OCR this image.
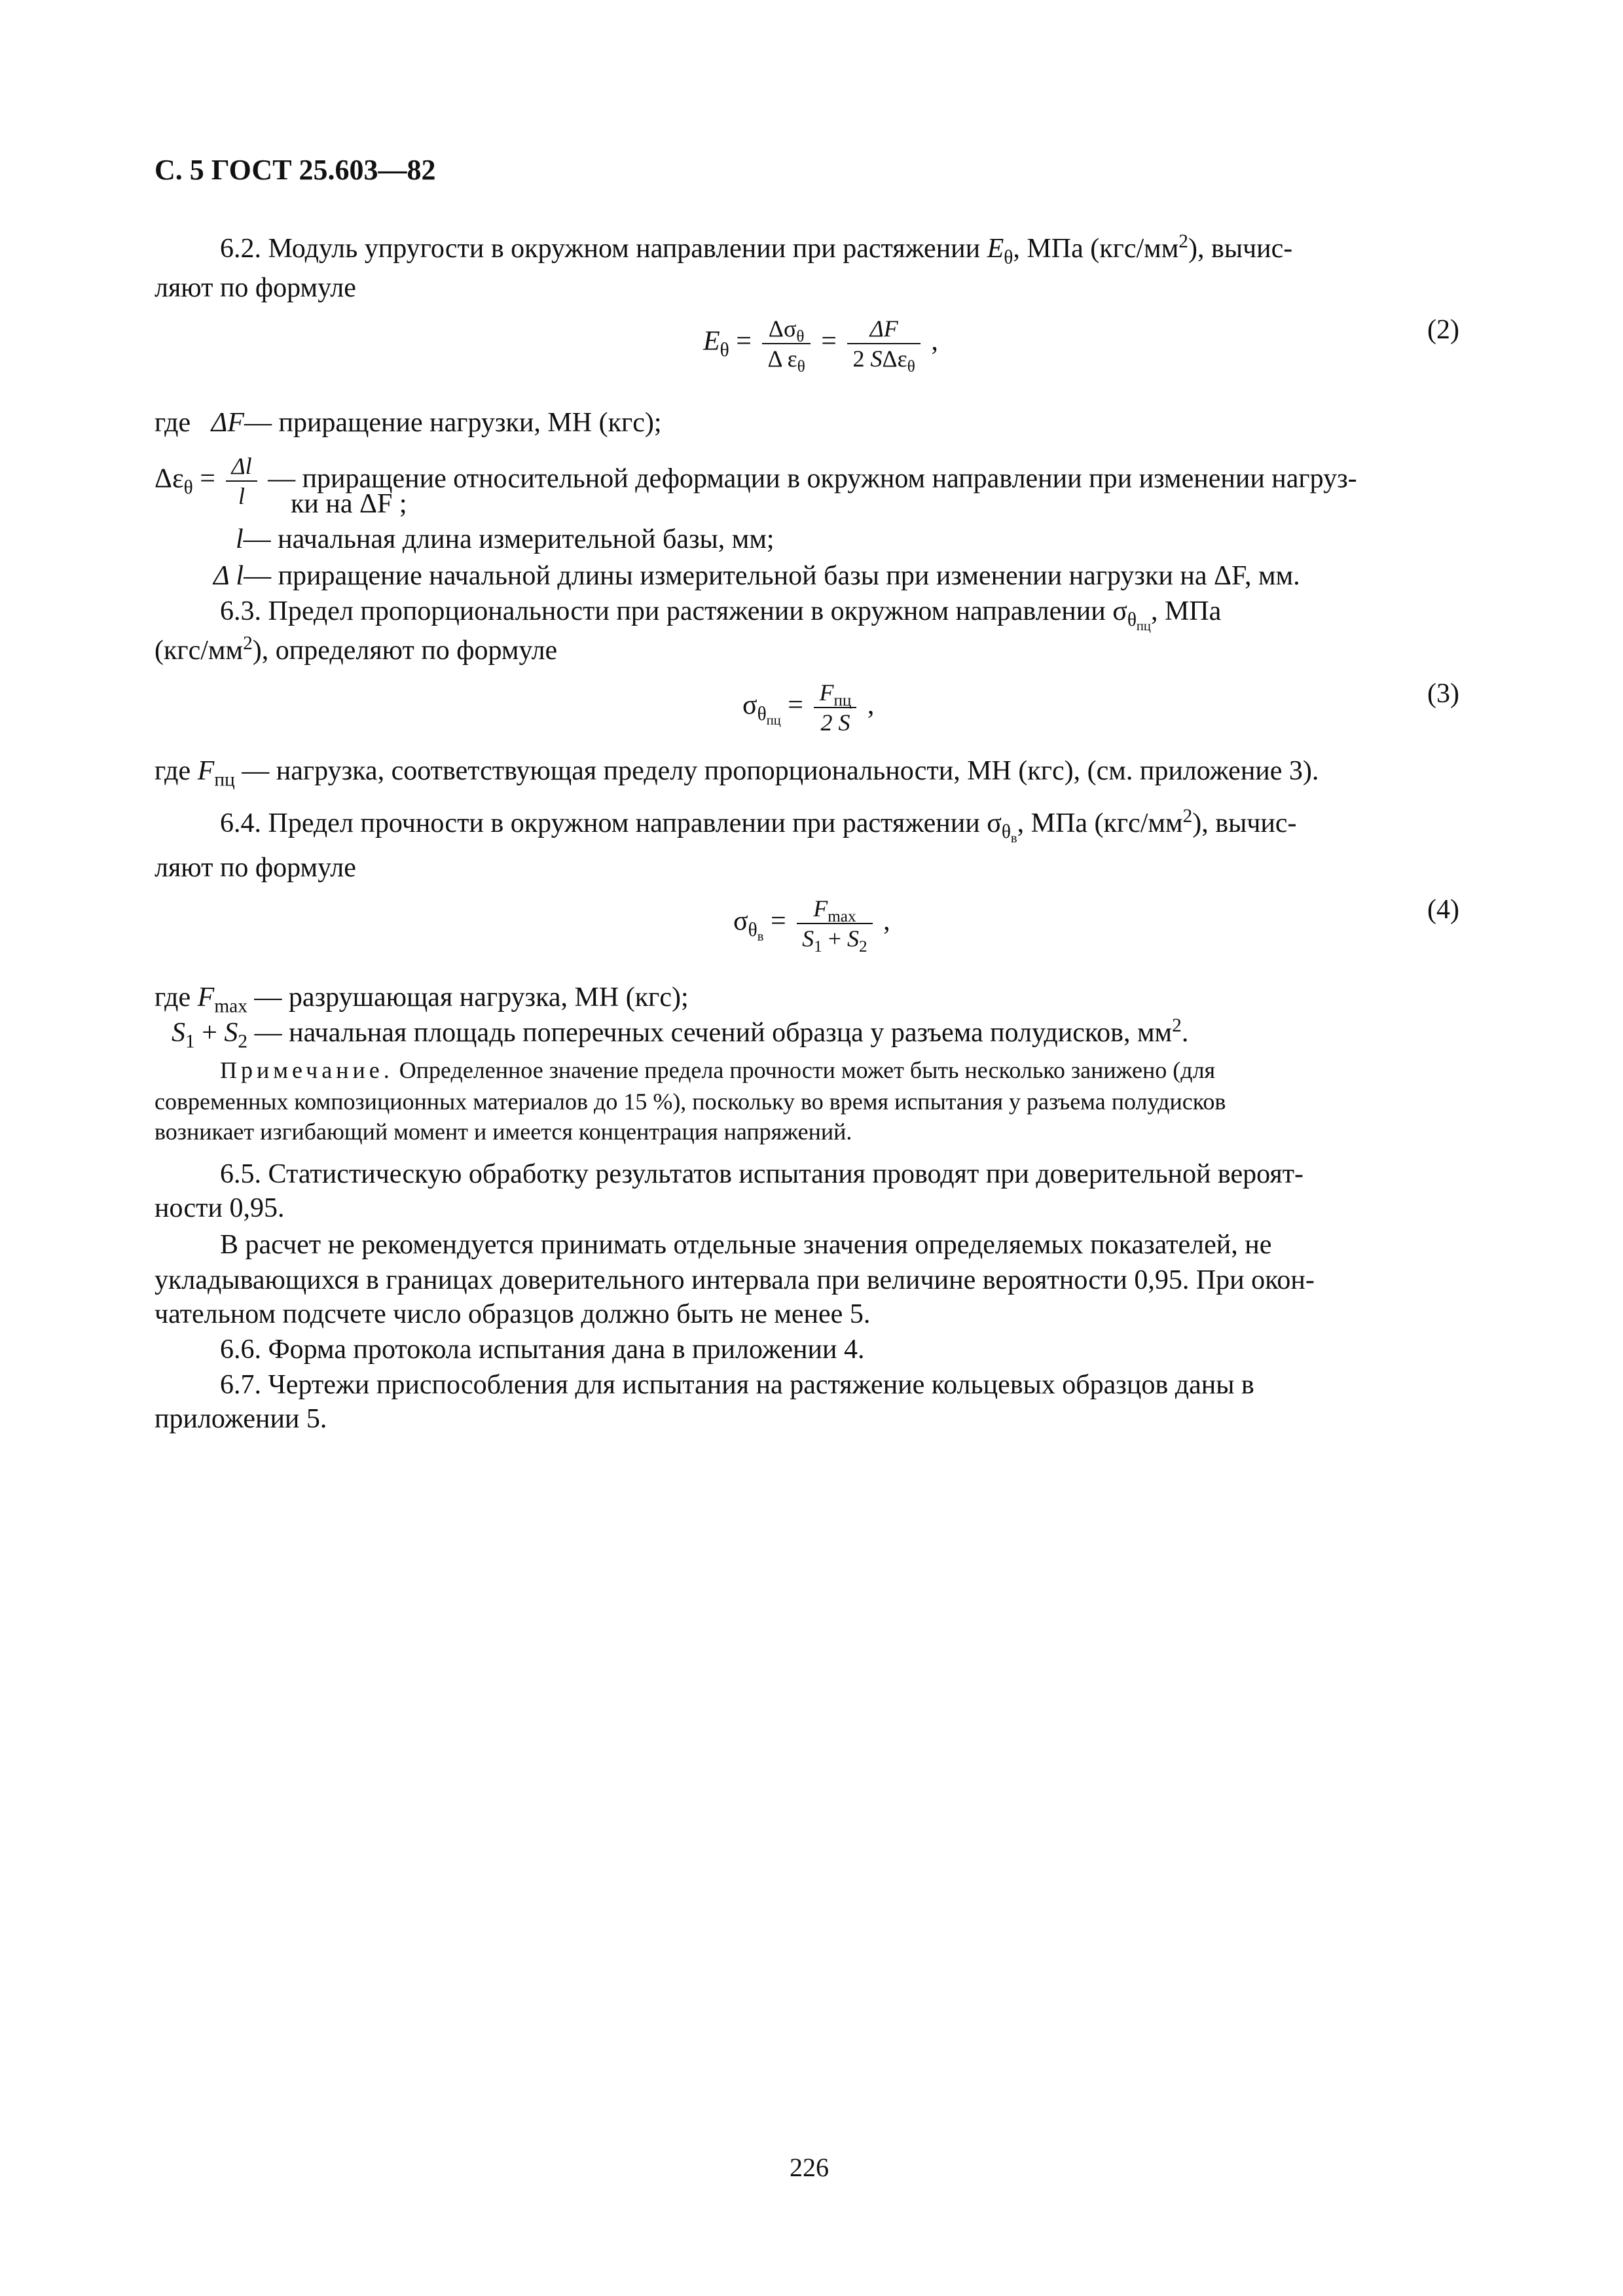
С. 5 ГОСТ 25.603—82
6.2. Модуль упругости в окружном направлении при растяжении $E_\theta$, МПа $(кгс/мм^2)$, вычис-
ляют по формуле
$E_\theta = \frac{\Delta\sigma_\theta}{\Delta \varepsilon_\theta} = \frac{\Delta F}{2 S\Delta\varepsilon_\theta}$ ,	(2)
где ΔF— приращение нагрузки, МН (кгс);
$\Delta\varepsilon_\theta = \frac{\Delta l}{l}$ — приращение относительной деформации в окружном направлении при изменении нагруз-
ки на ΔF ;
l— начальная длина измерительной базы, мм;
Δ l— приращение начальной длины измерительной базы при изменении нагрузки на ΔF, мм.
6.3. Предел пропорциональности при растяжении в окружном направлении $\sigma_{\theta_{пц}}$, МПа
$(кгс/мм^2)$, определяют по формуле
$\sigma_{\theta_{пц}} = \frac{F_{пц}}{2 S}$ ,	(3)
где $F_{пц}$ — нагрузка, соответствующая пределу пропорциональности, МН (кгс), (см. приложение 3).
6.4. Предел прочности в окружном направлении при растяжении $\sigma_{\theta_в}$, МПа $(кгс/мм^2)$, вычис-
ляют по формуле
$\sigma_{\theta_в} = \frac{F_{max}}{S_1 + S_2}$ ,	(4)
где $F_{max}$ — разрушающая нагрузка, МН (кгс);
$S_1 + S_2$ — начальная площадь поперечных сечений образца у разъема полудисков, $мм^2$.
Примечание. Определенное значение предела прочности может быть несколько занижено (для
современных композиционных материалов до 15 %), поскольку во время испытания у разъема полудисков
возникает изгибающий момент и имеется концентрация напряжений.
6.5. Статистическую обработку результатов испытания проводят при доверительной вероят-
ности 0,95.
В расчет не рекомендуется принимать отдельные значения определяемых показателей, не
укладывающихся в границах доверительного интервала при величине вероятности 0,95. При окон-
чательном подсчете число образцов должно быть не менее 5.
6.6. Форма протокола испытания дана в приложении 4.
6.7. Чертежи приспособления для испытания на растяжение кольцевых образцов даны в
приложении 5.
226
